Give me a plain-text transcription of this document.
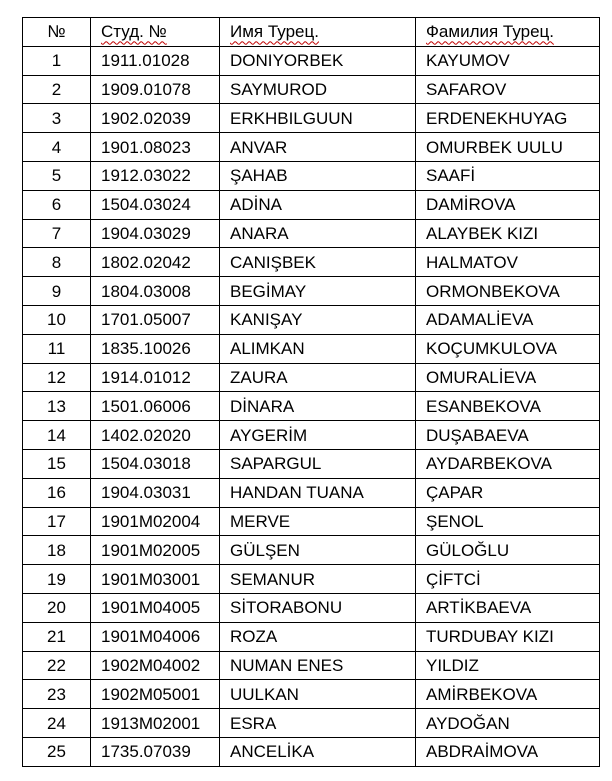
№	Студ. №	Имя Турец.	Фамилия Турец.
1	1911.01028	DONIYORBEK	KAYUMOV
2	1909.01078	SAYMUROD	SAFAROV
3	1902.02039	ERKHBILGUUN	ERDENEKHUYAG
4	1901.08023	ANVAR	OMURBEK UULU
5	1912.03022	ŞAHAB	SAAFİ
6	1504.03024	ADİNA	DAMİROVA
7	1904.03029	ANARA	ALAYBEK KIZI
8	1802.02042	CANIŞBEK	HALMATOV
9	1804.03008	BEGİMAY	ORMONBEKOVA
10	1701.05007	KANIŞAY	ADAMALİEVA
11	1835.10026	ALIMKAN	KOÇUMKULOVA
12	1914.01012	ZAURA	OMURALİEVA
13	1501.06006	DİNARA	ESANBEKOVA
14	1402.02020	AYGERİM	DUŞABAEVA
15	1504.03018	SAPARGUL	AYDARBEKOVA
16	1904.03031	HANDAN TUANA	ÇAPAR
17	1901M02004	MERVE	ŞENOL
18	1901M02005	GÜLŞEN	GÜLOĞLU
19	1901M03001	SEMANUR	ÇİFTCİ
20	1901M04005	SİTORABONU	ARTİKBAEVA
21	1901M04006	ROZA	TURDUBAY KIZI
22	1902M04002	NUMAN ENES	YILDIZ
23	1902M05001	UULKAN	AMİRBEKOVA
24	1913M02001	ESRA	AYDOĞAN
25	1735.07039	ANCELİKA	ABDRAİMOVA
